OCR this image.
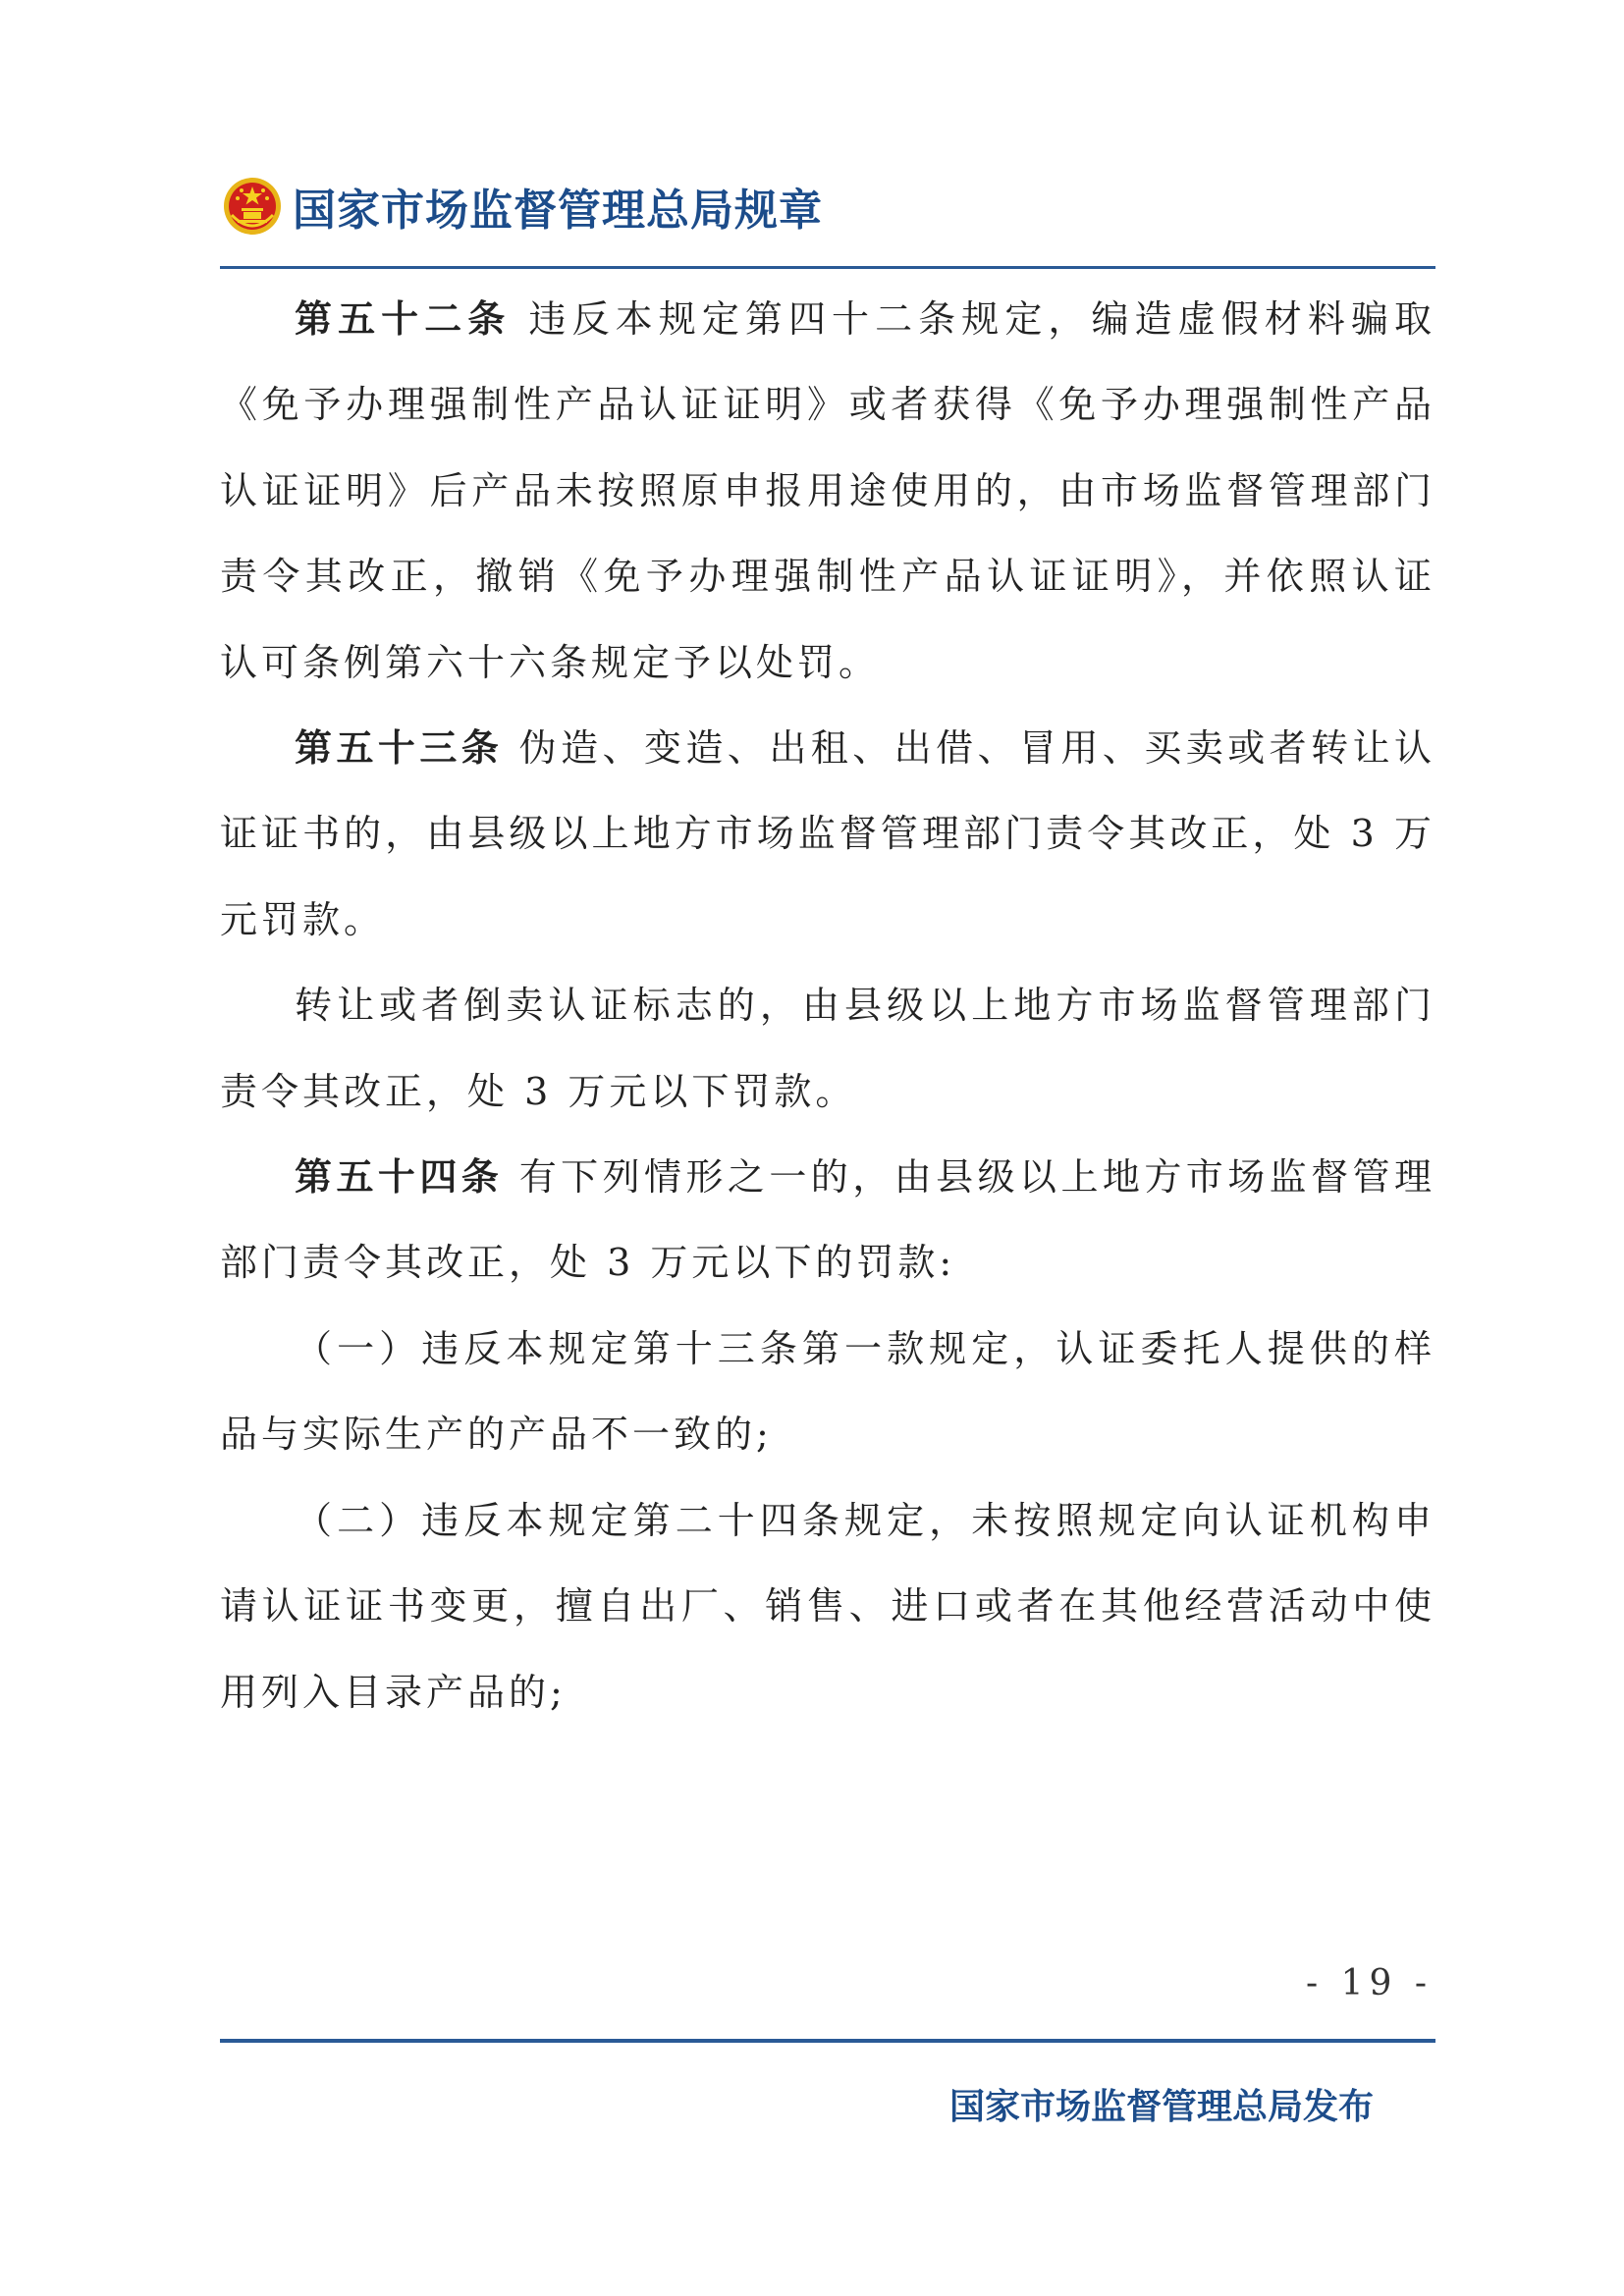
国家市场监督管理总局规章

第五十二条 违反本规定第四十二条规定，编造虚假材料骗取《免予办理强制性产品认证证明》或者获得《免予办理强制性产品认证证明》后产品未按照原申报用途使用的，由市场监督管理部门责令其改正，撤销《免予办理强制性产品认证证明》，并依照认证认可条例第六十六条规定予以处罚。

第五十三条 伪造、变造、出租、出借、冒用、买卖或者转让认证证书的，由县级以上地方市场监督管理部门责令其改正，处 3 万元罚款。

转让或者倒卖认证标志的，由县级以上地方市场监督管理部门责令其改正，处 3 万元以下罚款。

第五十四条 有下列情形之一的，由县级以上地方市场监督管理部门责令其改正，处 3 万元以下的罚款:

（一）违反本规定第十三条第一款规定，认证委托人提供的样品与实际生产的产品不一致的;

（二）违反本规定第二十四条规定，未按照规定向认证机构申请认证证书变更，擅自出厂、销售、进口或者在其他经营活动中使用列入目录产品的;

- 19 -
国家市场监督管理总局发布
